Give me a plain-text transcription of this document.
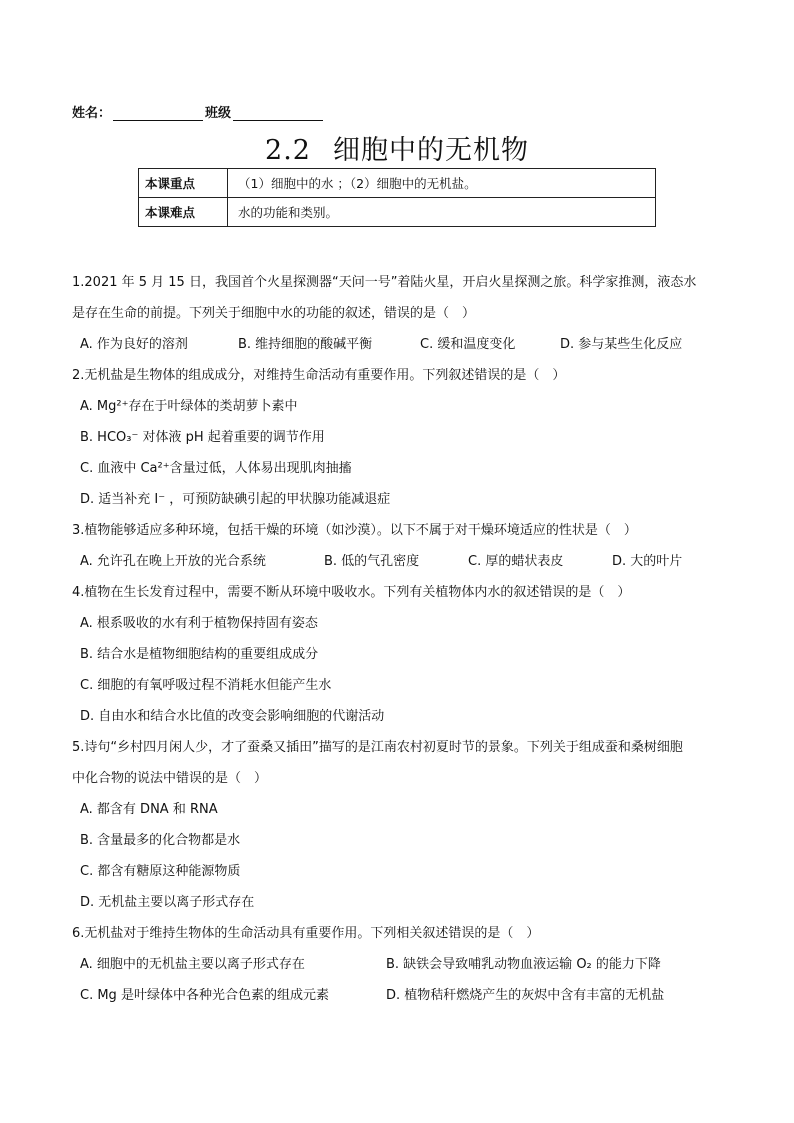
姓名：	班级
2.2 细胞中的无机物
本课重点	（1）细胞中的水 ；（2）细胞中的无机盐。
本课难点	水的功能和类别。
1.2021 年 5 月 15 日，我国首个火星探测器“天问一号”着陆火星，开启火星探测之旅。科学家推测，液态水
是存在生命的前提。下列关于细胞中水的功能的叙述，错误的是（　）
A. 作为良好的溶剂	B. 维持细胞的酸碱平衡	C. 缓和温度变化	D. 参与某些生化反应
2.无机盐是生物体的组成成分，对维持生命活动有重要作用。下列叙述错误的是（　）
A. Mg²⁺存在于叶绿体的类胡萝卜素中
B. HCO₃⁻ 对体液 pH 起着重要的调节作用
C. 血液中 Ca²⁺含量过低，人体易出现肌肉抽搐
D. 适当补充 I⁻ ，可预防缺碘引起的甲状腺功能减退症
3.植物能够适应多种环境，包括干燥的环境（如沙漠）。以下不属于对干燥环境适应的性状是（　）
A. 允许孔在晚上开放的光合系统	B. 低的气孔密度	C. 厚的蜡状表皮	D. 大的叶片
4.植物在生长发育过程中，需要不断从环境中吸收水。下列有关植物体内水的叙述错误的是（　）
A. 根系吸收的水有利于植物保持固有姿态
B. 结合水是植物细胞结构的重要组成成分
C. 细胞的有氧呼吸过程不消耗水但能产生水
D. 自由水和结合水比值的改变会影响细胞的代谢活动
5.诗句“乡村四月闲人少，才了蚕桑又插田”描写的是江南农村初夏时节的景象。下列关于组成蚕和桑树细胞
中化合物的说法中错误的是（　）
A. 都含有 DNA 和 RNA
B. 含量最多的化合物都是水
C. 都含有糖原这种能源物质
D. 无机盐主要以离子形式存在
6.无机盐对于维持生物体的生命活动具有重要作用。下列相关叙述错误的是（　）
A. 细胞中的无机盐主要以离子形式存在	B. 缺铁会导致哺乳动物血液运输 O₂ 的能力下降
C. Mg 是叶绿体中各种光合色素的组成元素	D. 植物秸秆燃烧产生的灰烬中含有丰富的无机盐
